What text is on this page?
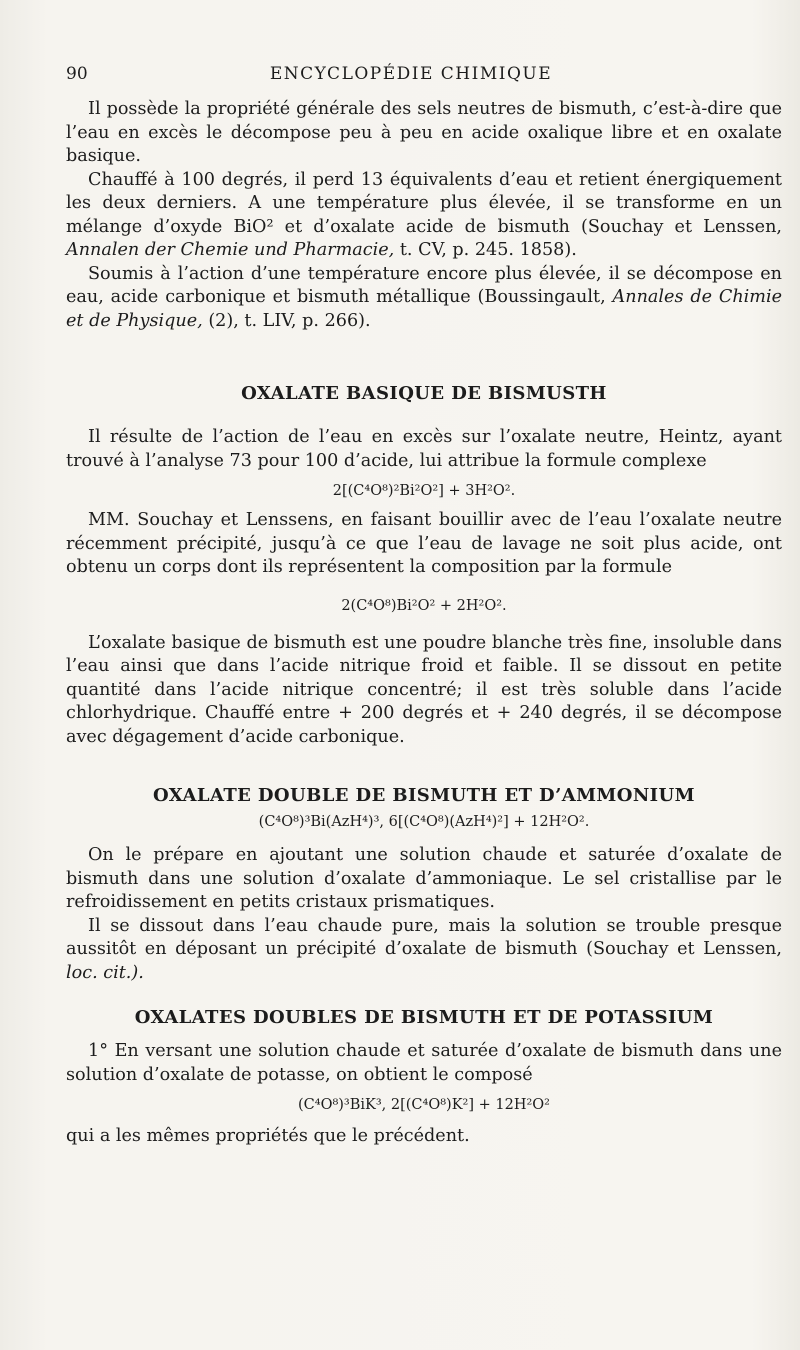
90	ENCYCLOPÉDIE CHIMIQUE

Il possède la propriété générale des sels neutres de bismuth, c’est-à-dire que l’eau en excès le décompose peu à peu en acide oxalique libre et en oxalate basique.

Chauffé à 100 degrés, il perd 13 équivalents d’eau et retient énergiquement les deux derniers. A une température plus élevée, il se transforme en un mélange d’oxyde BiO² et d’oxalate acide de bismuth (Souchay et Lenssen, Annalen der Chemie und Pharmacie, t. CV, p. 245. 1858).

Soumis à l’action d’une température encore plus élevée, il se décompose en eau, acide carbonique et bismuth métallique (Boussingault, Annales de Chimie et de Physique, (2), t. LIV, p. 266).

OXALATE BASIQUE DE BISMUSTH

Il résulte de l’action de l’eau en excès sur l’oxalate neutre, Heintz, ayant trouvé à l’analyse 73 pour 100 d’acide, lui attribue la formule complexe

2[(C⁴O⁸)²Bi²O²] + 3H²O².

MM. Souchay et Lenssens, en faisant bouillir avec de l’eau l’oxalate neutre récemment précipité, jusqu’à ce que l’eau de lavage ne soit plus acide, ont obtenu un corps dont ils représentent la composition par la formule

2(C⁴O⁸)Bi²O² + 2H²O².

L’oxalate basique de bismuth est une poudre blanche très fine, insoluble dans l’eau ainsi que dans l’acide nitrique froid et faible. Il se dissout en petite quantité dans l’acide nitrique concentré; il est très soluble dans l’acide chlorhydrique. Chauffé entre + 200 degrés et + 240 degrés, il se décompose avec dégagement d’acide carbonique.

OXALATE DOUBLE DE BISMUTH ET D’AMMONIUM
(C⁴O⁸)³Bi(AzH⁴)³, 6[(C⁴O⁸)(AzH⁴)²] + 12H²O².

On le prépare en ajoutant une solution chaude et saturée d’oxalate de bismuth dans une solution d’oxalate d’ammoniaque. Le sel cristallise par le refroidissement en petits cristaux prismatiques.

Il se dissout dans l’eau chaude pure, mais la solution se trouble presque aussitôt en déposant un précipité d’oxalate de bismuth (Souchay et Lenssen, loc. cit.).

OXALATES DOUBLES DE BISMUTH ET DE POTASSIUM

1° En versant une solution chaude et saturée d’oxalate de bismuth dans une solution d’oxalate de potasse, on obtient le composé

(C⁴O⁸)³BiK³, 2[(C⁴O⁸)K²] + 12H²O²

qui a les mêmes propriétés que le précédent.
